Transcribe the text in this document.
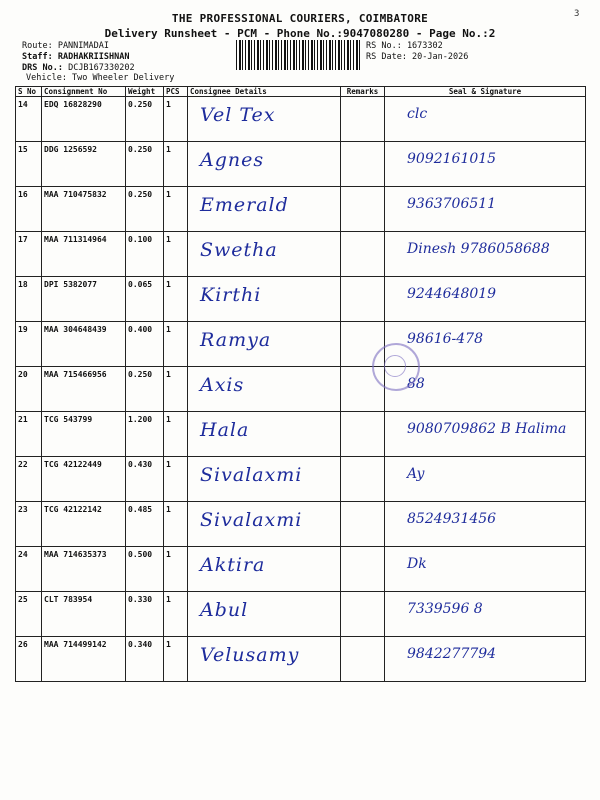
THE PROFESSIONAL COURIERS, COIMBATORE
Delivery Runsheet - PCM - Phone No.:9047080280 - Page No.:2
3
Route: PANNIMADAI
Staff: RADHAKRIISHNAN
DRS No.: DCJB167330202
Vehicle: Two Wheeler Delivery
RS No.: 1673302
RS Date: 20-Jan-2026
S No	Consignment No	Weight	PCS	Consignee Details	Remarks	Seal & Signature
14	EDQ 16828290	0.250	1	Vel Tex		clc

15	DDG 1256592	0.250	1	Agnes		9092161015

16	MAA 710475832	0.250	1	Emerald		9363706511

17	MAA 711314964	0.100	1	Swetha		Dinesh 9786058688

18	DPI 5382077	0.065	1	Kirthi		9244648019

19	MAA 304648439	0.400	1	Ramya		98616-478

20	MAA 715466956	0.250	1	Axis		88

21	TCG 543799	1.200	1	Hala		9080709862 B Halima

22	TCG 42122449	0.430	1	Sivalaxmi		Ay

23	TCG 42122142	0.485	1	Sivalaxmi		8524931456

24	MAA 714635373	0.500	1	Aktira		Dk

25	CLT 783954	0.330	1	Abul		7339596 8

26	MAA 714499142	0.340	1	Velusamy		9842277794
